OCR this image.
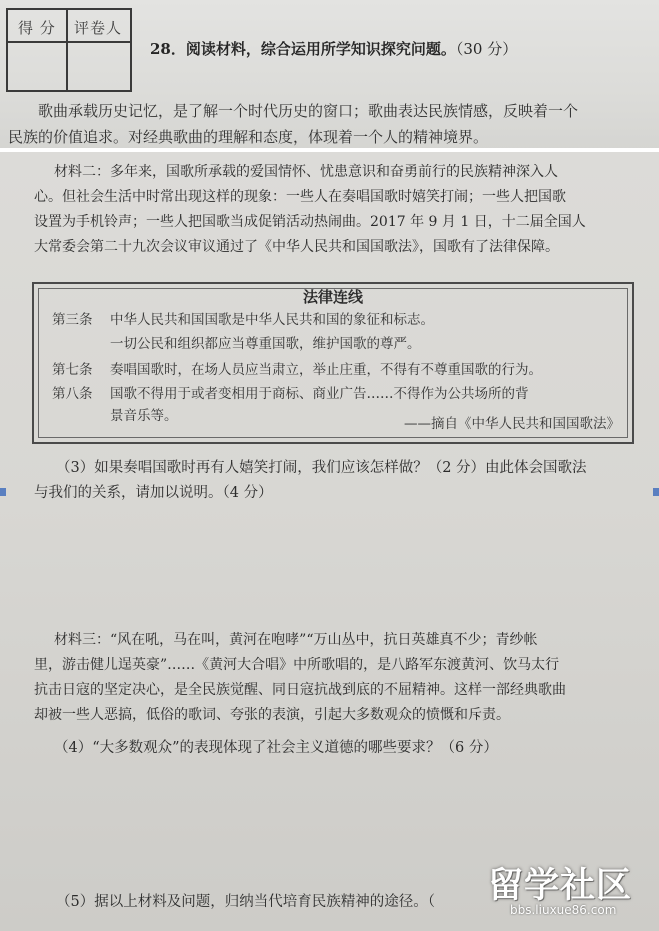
得 分 评卷人
28．阅读材料，综合运用所学知识探究问题。（30 分）

歌曲承载历史记忆，是了解一个时代历史的窗口；歌曲表达民族情感，反映着一个

民族的价值追求。对经典歌曲的理解和态度，体现着一个人的精神境界。

材料二：多年来，国歌所承载的爱国情怀、忧患意识和奋勇前行的民族精神深入人

心。但社会生活中时常出现这样的现象：一些人在奏唱国歌时嬉笑打闹；一些人把国歌

设置为手机铃声；一些人把国歌当成促销活动热闹曲。2017 年 9 月 1 日，十二届全国人

大常委会第二十九次会议审议通过了《中华人民共和国国歌法》，国歌有了法律保障。

法律连线
第三条 中华人民共和国国歌是中华人民共和国的象征和标志。
一切公民和组织都应当尊重国歌，维护国歌的尊严。
第七条 奏唱国歌时，在场人员应当肃立，举止庄重，不得有不尊重国歌的行为。
第八条 国歌不得用于或者变相用于商标、商业广告……不得作为公共场所的背
景音乐等。	——摘自《中华人民共和国国歌法》

（3）如果奏唱国歌时再有人嬉笑打闹，我们应该怎样做？（2 分）由此体会国歌法

与我们的关系，请加以说明。（4 分）

材料三：“风在吼，马在叫，黄河在咆哮”“万山丛中，抗日英雄真不少；青纱帐

里，游击健儿逞英豪”……《黄河大合唱》中所歌唱的，是八路军东渡黄河、饮马太行

抗击日寇的坚定决心，是全民族觉醒、同日寇抗战到底的不屈精神。这样一部经典歌曲

却被一些人恶搞，低俗的歌词、夸张的表演，引起大多数观众的愤慨和斥责。

（4）“大多数观众”的表现体现了社会主义道德的哪些要求？（6 分）

（5）据以上材料及问题，归纳当代培育民族精神的途径。（	留学社区
bbs.liuxue86.com
